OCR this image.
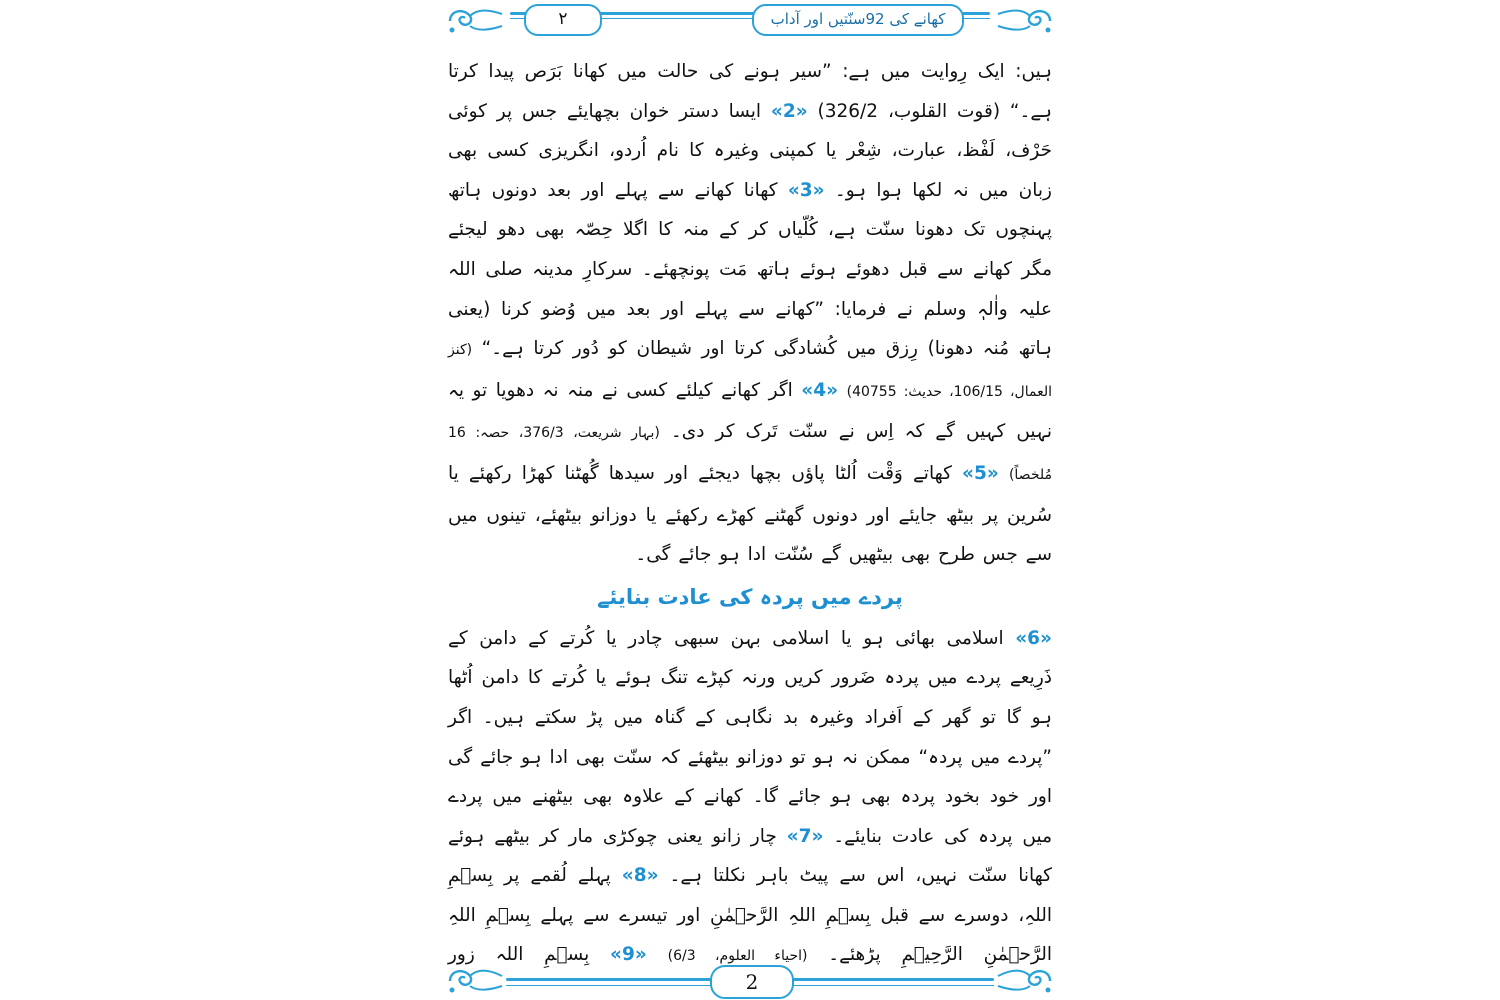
٢	کھانے کی 92سنّتیں اور آداب

ہیں: ایک رِوایت میں ہے: ”سیر ہونے کی حالت میں کھانا بَرَص پیدا کرتا ہے۔“ (قوت القلوب، 326/2) «2» ایسا دستر خوان بچھایئے جس پر کوئی حَرْف، لَفْظ، عبارت، شِعْر یا کمپنی وغیرہ کا نام اُردو، انگریزی کسی بھی زبان میں نہ لکھا ہوا ہو۔ «3» کھانا کھانے سے پہلے اور بعد دونوں ہاتھ پہنچوں تک دھونا سنّت ہے، کُلّیاں کر کے منہ کا اگلا حِصّہ بھی دھو لیجئے مگر کھانے سے قبل دھوئے ہوئے ہاتھ مَت پونچھئے۔ سرکارِ مدینہ صلی اللہ علیہ واٰلہٖ وسلم نے فرمایا: ”کھانے سے پہلے اور بعد میں وُضو کرنا (یعنی ہاتھ مُنہ دھونا) رِزق میں کُشادگی کرتا اور شیطان کو دُور کرتا ہے۔“ (کنز العمال، 106/15، حدیث: 40755) «4» اگر کھانے کیلئے کسی نے منہ نہ دھویا تو یہ نہیں کہیں گے کہ اِس نے سنّت تَرک کر دی۔ (بہار شریعت، 376/3، حصہ: 16 مُلخصاً) «5» کھاتے وَقْت اُلٹا پاؤں بچھا دیجئے اور سیدھا گُھٹنا کھڑا رکھئے یا سُرین پر بیٹھ جایئے اور دونوں گھٹنے کھڑے رکھئے یا دوزانو بیٹھئے، تینوں میں سے جس طرح بھی بیٹھیں گے سُنّت ادا ہو جائے گی۔

پردے میں پردہ کی عادت بنایئے

«6» اسلامی بھائی ہو یا اسلامی بہن سبھی چادر یا کُرتے کے دامن کے ذَرِیعے پردے میں پردہ ضَرور کریں ورنہ کپڑے تنگ ہوئے یا کُرتے کا دامن اُٹھا ہو گا تو گھر کے اَفراد وغیرہ بد نگاہی کے گناہ میں پڑ سکتے ہیں۔ اگر ”پردے میں پردہ“ ممکن نہ ہو تو دوزانو بیٹھئے کہ سنّت بھی ادا ہو جائے گی اور خود بخود پردہ بھی ہو جائے گا۔ کھانے کے علاوہ بھی بیٹھنے میں پردے میں پردہ کی عادت بنایئے۔ «7» چار زانو یعنی چوکڑی مار کر بیٹھے ہوئے کھانا سنّت نہیں، اس سے پیٹ باہر نکلتا ہے۔ «8» پہلے لُقمے پر بِسۡمِ اللہِ، دوسرے سے قبل بِسۡمِ اللہِ الرَّحۡمٰنِ اور تیسرے سے پہلے بِسۡمِ اللہِ الرَّحۡمٰنِ الرَّحِیۡمِ پڑھئے۔ (احیاء العلوم، 6/3) «9» بِسۡمِ اللہ زور

2
